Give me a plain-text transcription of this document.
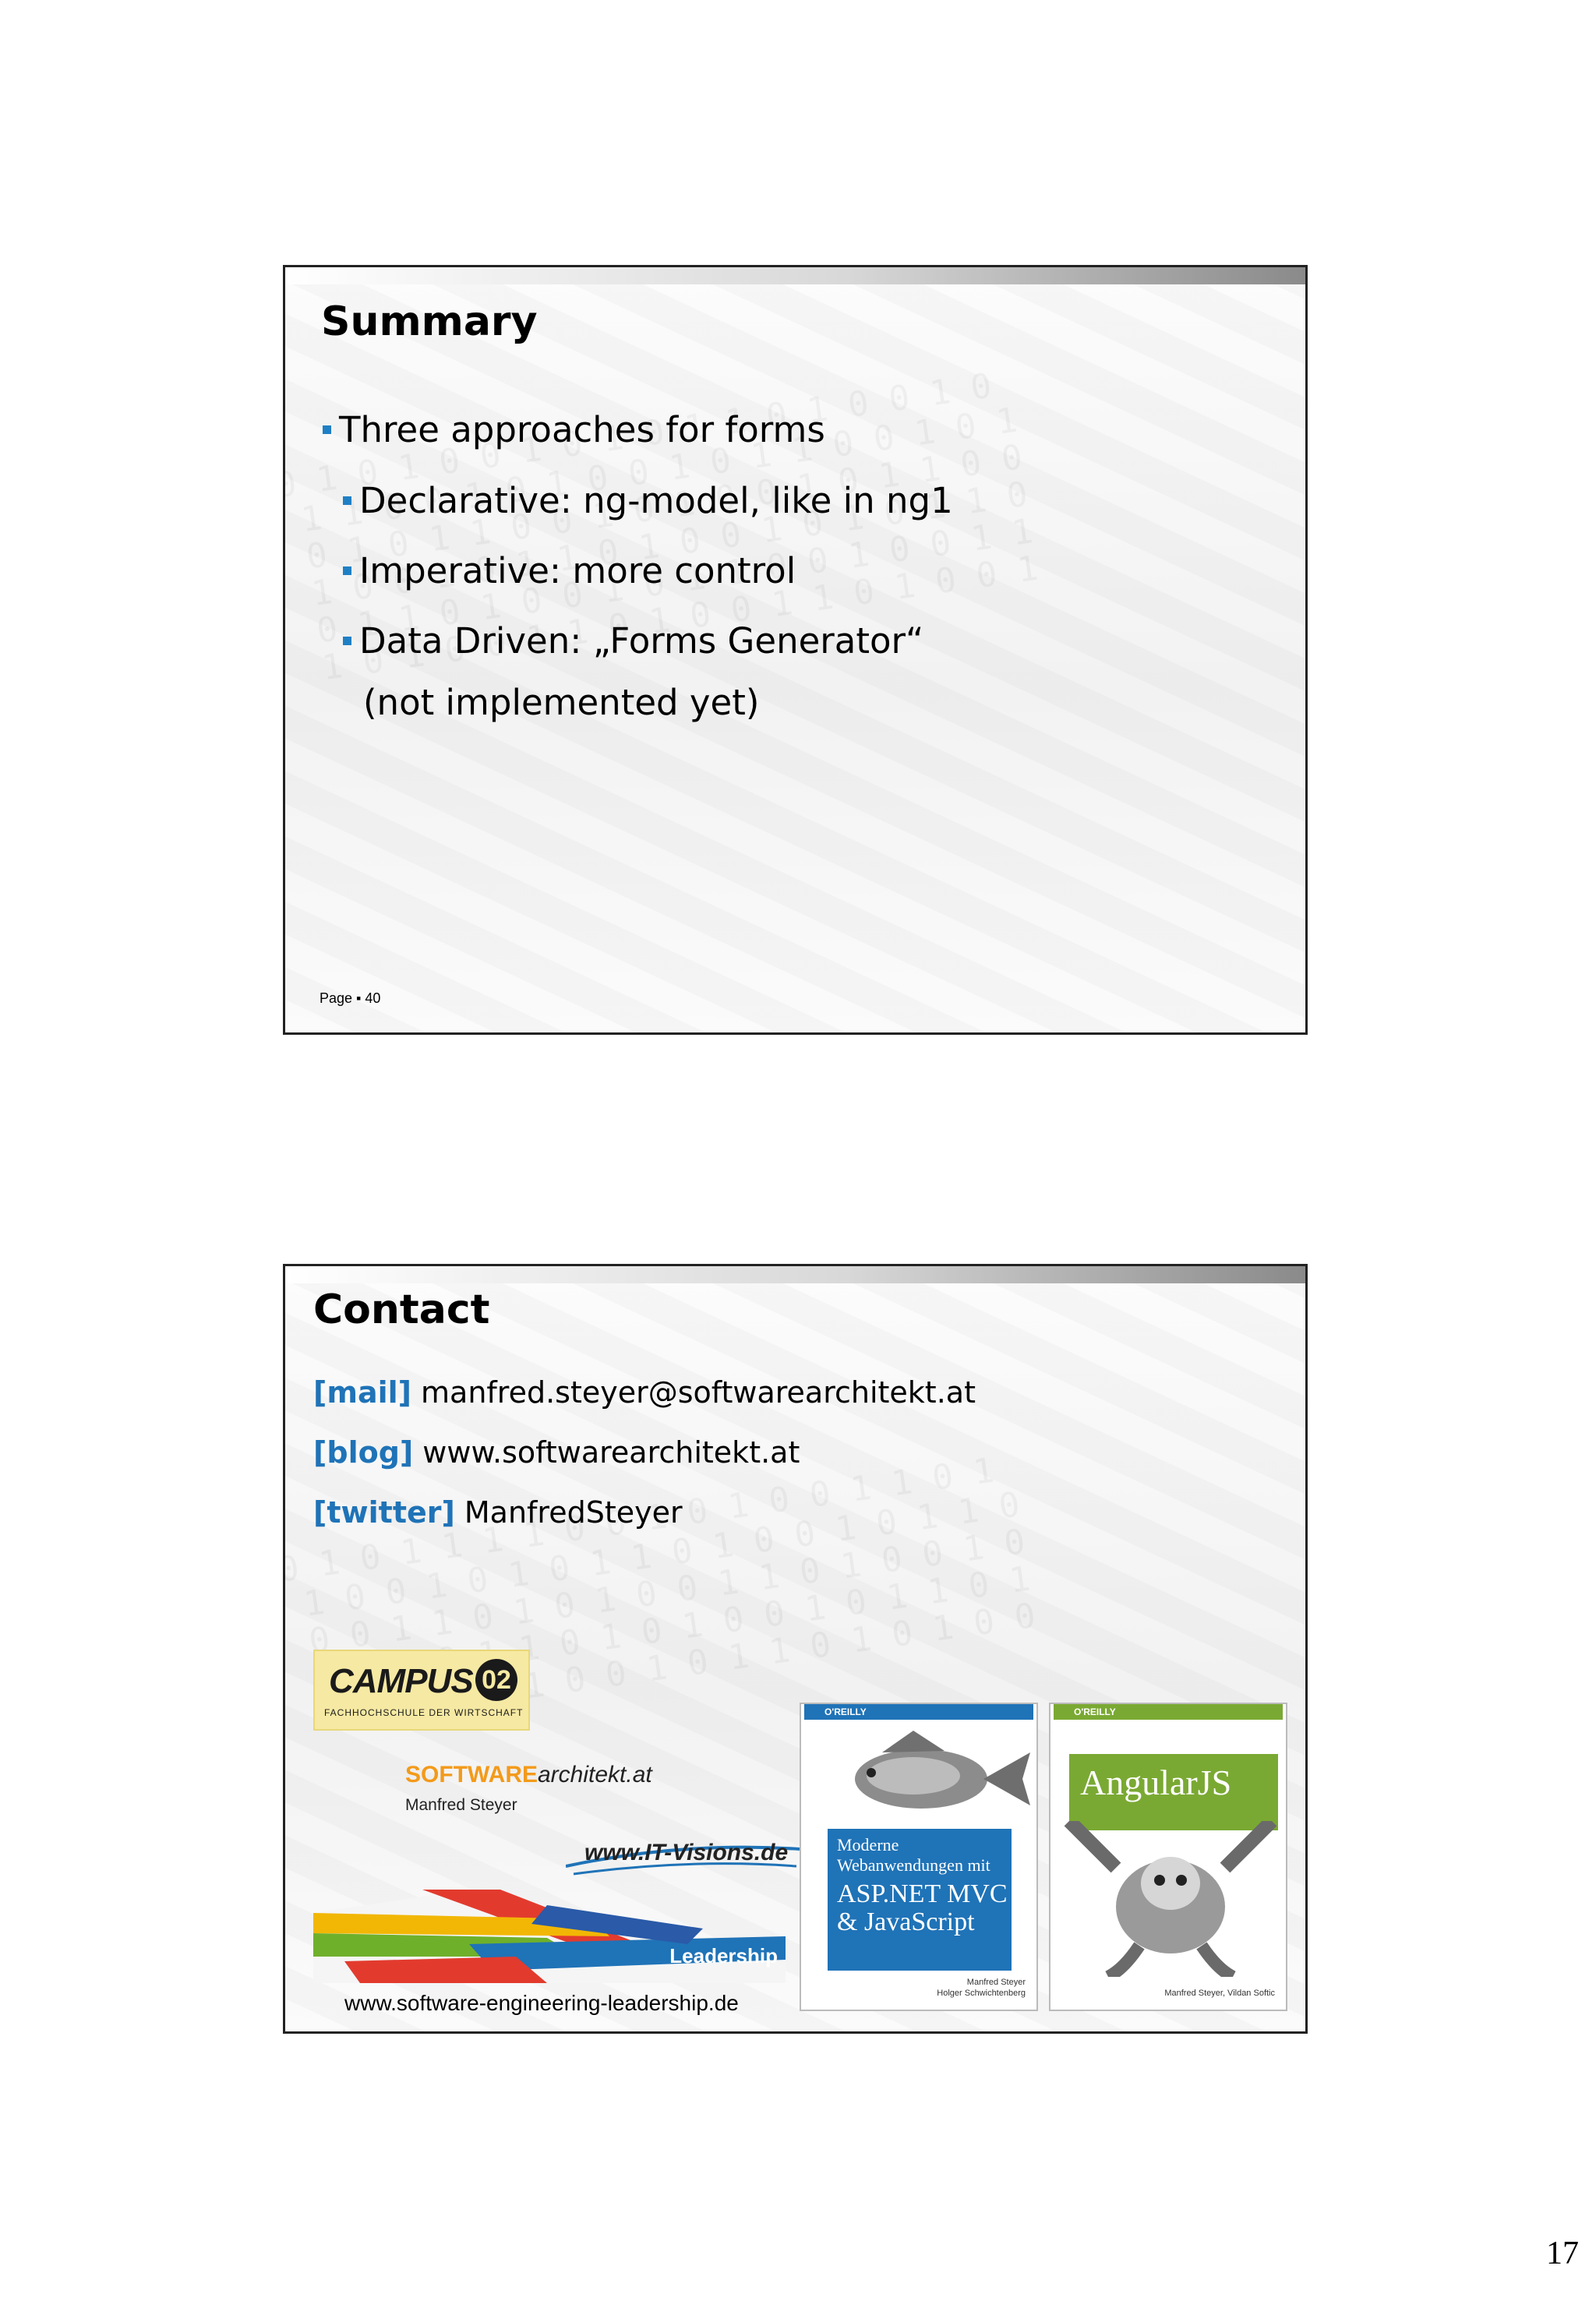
Summary
Three approaches for forms
Declarative: ng-model, like in ng1
Imperative: more control
Data Driven: „Forms Generator“
(not implemented yet)
Page ▪ 40
Contact
[mail] manfred.steyer@softwarearchitekt.at
[blog] www.softwarearchitekt.at
[twitter] ManfredSteyer
CAMPUS 02
FACHHOCHSCHULE DER WIRTSCHAFT
SOFTWAREarchitekt.at
Manfred Steyer
www.IT-Visions.de
Leadership
www.software-engineering-leadership.de
O'REILLY
Moderne
Webanwendungen mit
ASP.NET MVC
& JavaScript
Manfred Steyer
Holger Schwichtenberg
O'REILLY
AngularJS
Manfred Steyer, Vildan Softic
17
